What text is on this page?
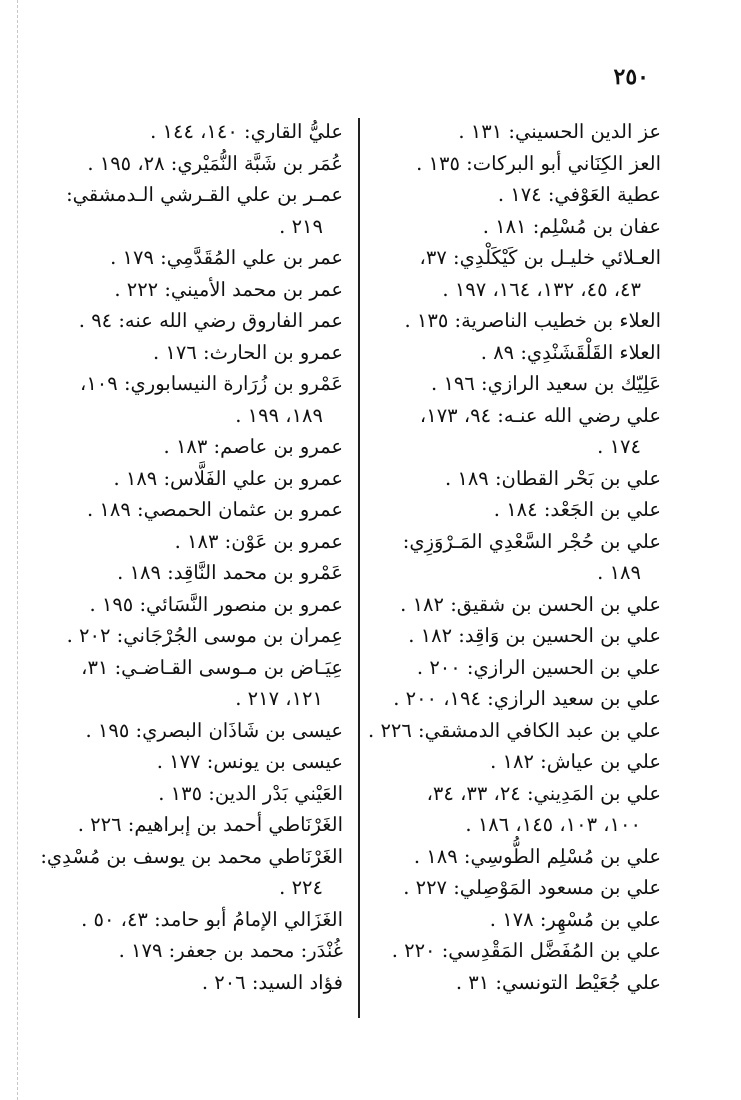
٢٥٠
عز الدين الحسيني: ١٣١ .
العز الكِنَاني أبو البركات: ١٣٥ .
عطية العَوْفي: ١٧٤ .
عفان بن مُسْلِم: ١٨١ .
العـلائي خليـل بن كَيْكَلْدِي: ٣٧،

٤٣، ٤٥، ١٣٢، ١٦٤، ١٩٧ .
العلاء بن خطيب الناصرية: ١٣٥ .
العلاء القَلْقَشَنْدِي: ٨٩ .
عَلِيّك بن سعيد الرازي: ١٩٦ .
علي رضي الله عنـه: ٩٤، ١٧٣،

١٧٤ .
علي بن بَحْر القطان: ١٨٩ .
علي بن الجَعْد: ١٨٤ .
علي بن حُجْر السَّعْدِي المَـرْوَزِي:

١٨٩ .
علي بن الحسن بن شقيق: ١٨٢ .
علي بن الحسين بن وَاقِد: ١٨٢ .
علي بن الحسين الرازي: ٢٠٠ .
علي بن سعيد الرازي: ١٩٤، ٢٠٠ .
علي بن عبد الكافي الدمشقي: ٢٢٦ .
علي بن عياش: ١٨٢ .
علي بن المَدِيني: ٢٤، ٣٣، ٣٤،

١٠٠، ١٠٣، ١٤٥، ١٨٦ .
علي بن مُسْلِم الطُّوسِي: ١٨٩ .
علي بن مسعود المَوْصِلي: ٢٢٧ .
علي بن مُسْهِر: ١٧٨ .
علي بن المُفَضَّل المَقْدِسي: ٢٢٠ .
علي جُعَيْط التونسي: ٣١ .
عليُّ القاري: ١٤٠، ١٤٤ .
عُمَر بن شَبَّة النُّمَيْري: ٢٨، ١٩٥ .
عمـر بن علي القـرشي الـدمشقي:

٢١٩ .
عمر بن علي المُقَدَّمِي: ١٧٩ .
عمر بن محمد الأميني: ٢٢٢ .
عمر الفاروق رضي الله عنه: ٩٤ .
عمرو بن الحارث: ١٧٦ .
عَمْرو بن زُرَارة النيسابوري: ١٠٩،

١٨٩، ١٩٩ .
عمرو بن عاصم: ١٨٣ .
عمرو بن علي الفَلَّاس: ١٨٩ .
عمرو بن عثمان الحمصي: ١٨٩ .
عمرو بن عَوْن: ١٨٣ .
عَمْرو بن محمد النَّاقِد: ١٨٩ .
عمرو بن منصور النَّسَائي: ١٩٥ .
عِمران بن موسى الجُرْجَاني: ٢٠٢ .
عِيَـاض بن مـوسى القـاضـي: ٣١،

١٢١، ٢١٧ .
عيسى بن شَاذَان البصري: ١٩٥ .
عيسى بن يونس: ١٧٧ .
العَيْني بَدْر الدين: ١٣٥ .
الغَرْنَاطي أحمد بن إبراهيم: ٢٢٦ .
الغَرْنَاطي محمد بن يوسف بن مُسْدِي:

٢٢٤ .
الغَزَالي الإمامُ أبو حامد: ٤٣، ٥٠ .
غُنْدَر: محمد بن جعفر: ١٧٩ .
فؤاد السيد: ٢٠٦ .
